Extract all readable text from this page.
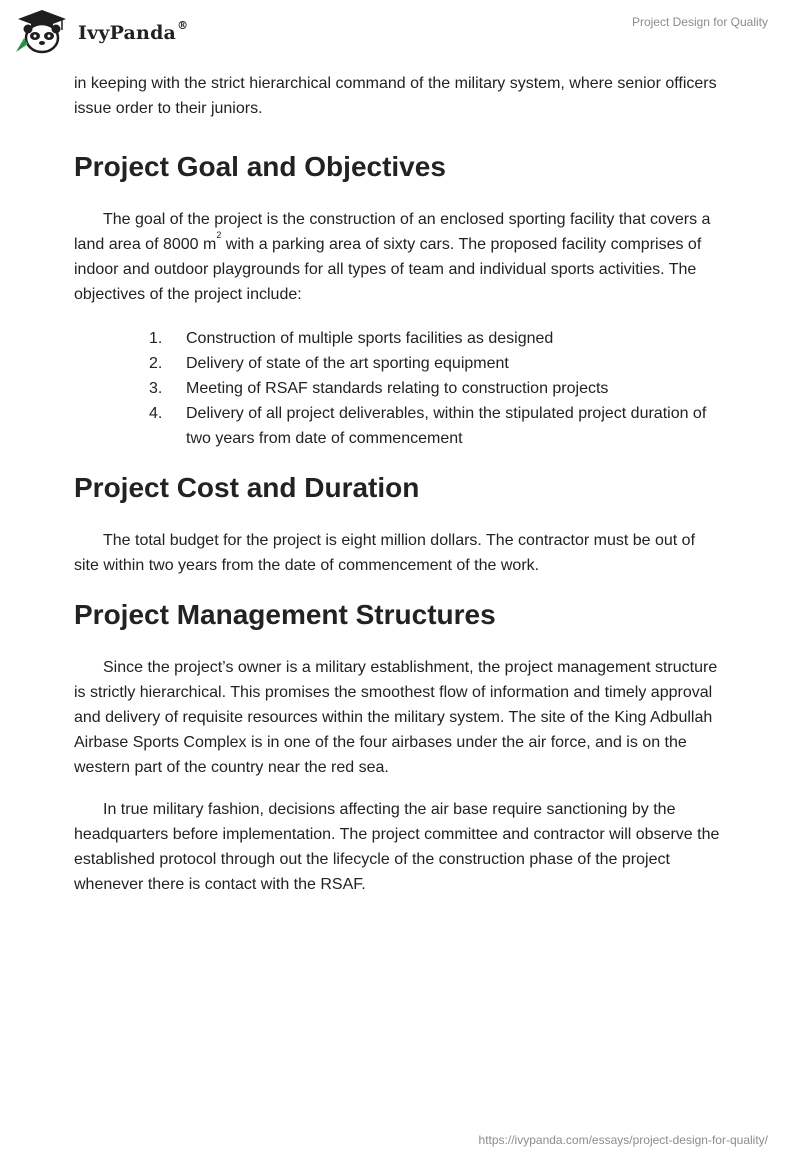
IvyPanda®	Project Design for Quality

in keeping with the strict hierarchical command of the military system, where senior officers issue order to their juniors.

Project Goal and Objectives

The goal of the project is the construction of an enclosed sporting facility that covers a land area of 8000 $m^2$ with a parking area of sixty cars. The proposed facility comprises of indoor and outdoor playgrounds for all types of team and individual sports activities. The objectives of the project include:

1.	Construction of multiple sports facilities as designed
2.	Delivery of state of the art sporting equipment
3.	Meeting of RSAF standards relating to construction projects
4.	Delivery of all project deliverables, within the stipulated project duration of two years from date of commencement
Project Cost and Duration

The total budget for the project is eight million dollars. The contractor must be out of site within two years from the date of commencement of the work.

Project Management Structures

Since the project’s owner is a military establishment, the project management structure is strictly hierarchical. This promises the smoothest flow of information and timely approval and delivery of requisite resources within the military system. The site of the King Adbullah Airbase Sports Complex is in one of the four airbases under the air force, and is on the western part of the country near the red sea.

In true military fashion, decisions affecting the air base require sanctioning by the headquarters before implementation. The project committee and contractor will observe the established protocol through out the lifecycle of the construction phase of the project whenever there is contact with the RSAF.

https://ivypanda.com/essays/project-design-for-quality/
